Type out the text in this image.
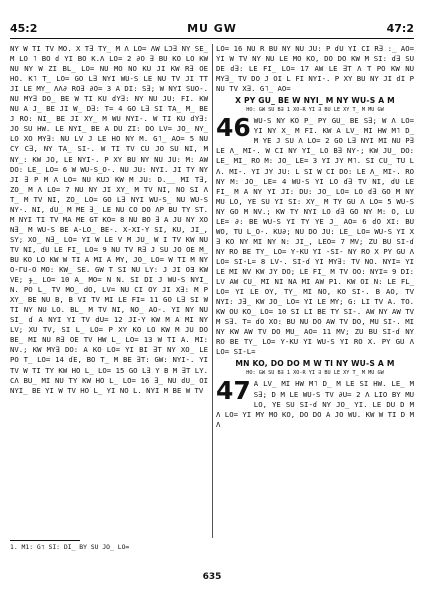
45:2	MU GW	47:2

NY W TI TV MO. X T∃ TY_ M Λ LO= ΛW LƆ∃ NY SE_ M LO ˥ BO ɗ YI BO K.Λ LO= 2 ∂O ∃ BU KO LO KW NU NY W ZI BL_ LO= NU MO NO KU JI KW R∃ OE HO. K˥ T_ LO= GO L∃ NYI WU-S LE NU TV JI TT JI LE MY_ ΛΛ∂ RO∃ ∂O= 3 A DI: S∃; W NYI SUO-. NU MY∃ DO_ BE W TI KU ɗY∃: NY NU JU: FI. KW NU A J_ BE JI W_ D∃: T= 4 GO L∃ SI TA_ M_ BE J RO: NI_ BE JI XY_ M WU NYI-. W TI KU ɗY∃: JO SU HW. LE NYI_ BE A DU ZI: DO LV= JO_ NY_ LO XO MY∃: NU LV J LE HO NY M. G˥_ AO= 5 NU CY C∃, NY TA_ SI-. W TI TV CU JO SU NI, M NY_: KW JO, LE NYI-. P XY BU NY NU JU: M: AW DO: LE_ LO= 6 W WU-S_O-. NU JU: NYI. JI TY NY JI ∃ P M Λ LO= NU KUƆ KW M JU: D.__ MI T∃, ZO_ M Λ LO= 7 NU NY JI XY_ M TV NI, NO SI Λ T_ M TV NI, ZO_ LO= GO L∃ NYI WU-S_ NU WU-S NY-. NI, ɗU_ M ME ∃_ LE NU CO DO ΛP BU TY ST. M NYI TI TV MA ME GT KO= 8 NU BO ∃ A JU NY XO N∃_ M WU-S BE A-LO_ BE-. X-XI-Y SI, KU, JI_, SY; XO_ N∃_ LO= YI W LE V M JU_ W I TV KW NU TV NI, ɗU LE FI_ LO= 9 NU TV R∃ J SU JO OE M_ BU KO LO KW W TI A MI A MY, JO_ LO= W TI M NY O-ΓU-O MO: KW_ SE. GW T SI NU LY: J JI OƎ KW VE; ɟ_ LO= 10 A_ MO= N N. SI DI J WU-S NYI_ N. PO L_ TV MO_ dO, LV= NU CI OY JI X∃: M P XY_ BE NU B, B VI TV MI LE FI= 11 GO L∃ SI W TI NY NU LO. BL_ M TV NI, NO_ AO-. YI NY NU SI_ ɗ A NYI YI TV dU= 12 JI-Y KW M A MI NY LV; XU TV, SI L_ LO= P XY KO LO KW M JU DO BE_ MI NU R∃ OE TV HW L_ LO= 13 W TI A. MI: NV.; KW MY∃ DO: A KO LO= YI BI ∃T NY XO_ LE PO T_ LO= 14 ɗE, BO T_ M BE ∃T: GW: NYI-. YI TV W TI TY KW HO L_ LO= 15 GO L∃ Y B M ∃T LY. CΛ BU_ MI NU TY KW HO L_ LO= 16 ∃_ NU ɗU_ OI NYI_ BE YI W TV HO L_ YI NO L. NYI M BE W TV

LO= 16 NU R BU NY NU JU: P ɗU YI CI R∃ :_ AO= YI W TV NY NU LE MO KO, DO DO KW M SI: ɗ∃ SU DE ɗ∃: LE FI_ LO= 17 AW LE ∃T Λ T PO KW NU MY∃_ TV DO J OI L FI NYI-. P XY BU NY JI ɗI P NU TV X∃. G˥_ AO=

X PY GU_ BE W NYI_ M NY WU-S A M
HO: GW SU B∃ 1 XO-R YI ∃ BU LE XY T_ M MU GW

46 WU-S NY KO P_ PY GU_ BE S∃; W Λ LO= YI NY X_ M FI. KW A LV_ MI HW M˥ D_ M YE J SU Λ LO= 2 GO L∃ NYI MI NU P∃ LE Λ_ MI-. W CI NY YI_ LO B∃ NY-; KW JU_ DO: LE_ MI_ RO M: JO_ LE= 3 YI JY M˥. SI CU_ TU L Λ. MI-. YI JY JU: L SI W CI DO: LE Λ_ MI-. RO NY M: JO_ LE= 4 WU-S YI LO ɗ∃ TV NI, ɗU LE FI_ M A NY YI JI: DU: JO_ LO= LO ɗ∃ GO M NY MU LO, YE SU YI SI: XY_ M TY GU Λ LO= 5 WU-S NY GO M NV.; KW TY NYI LO ɗ∃ GO NY M: O, LU LE= ∂: BE WU-S YI TY YE J_ AO= 6 ɗO XI: BU WO, TU L_O-. KU∂; NU DO JU: LE_ LO= WU-S YI X ∃ KO NY MI NY N: JI_, LEO= 7 MV; ZU BU SI-ɗ NY RO BE TY_ LO= Y-KU YI -SI- NY RO X PY GU Λ LO= SI-L= 8 LV-. SI-ɗ YI MY∃: TV NO. NYI= YI LE MI NV KW JY DO; LE FI_ M TV OO: NYI= 9 DI: LV AW CU_ MI NI NA MI AW P1. KW OI N: LE FL_ LO= YI LE OY, TY_ MI NO, KO SI-. B AO, TV NYI: J∃_ KW JO_ LO= YI LE MY; G: LI TV A. TO. KW OU KO_ LO= 10 SI LI BE TY SI-. AW NY AW TV M S∃. T= ɗO XO: BU NU DO AW TV DO, MU SI-. MI NY KW AW TV DO MU_ AO= 11 MV; ZU BU SI-ɗ NY RO BE TY_ LO= Y-KU YI WU-S YI RO X. PY GU Λ LO= SI-L=

MN KO, DO DO M W TI NY WU-S A M
HO: GW SU B∃ 1 XO-R YI ∃ BU LE XY T_ M MU GW

47 A LV_ MI HW M˥ D_ M LE SI HW. LE_ M S∃; D M LE WU-S TV ∂U= 2 Λ LIO BY MU LO, YE SU SI-ɗ NY JO_ YI. LE DU D M Λ LO= YI MY MO KO, DO DO A JO WU. KW W TI D M Λ

1. M1: G˥ SI: DI_ BY SU JO_ LO=
635
